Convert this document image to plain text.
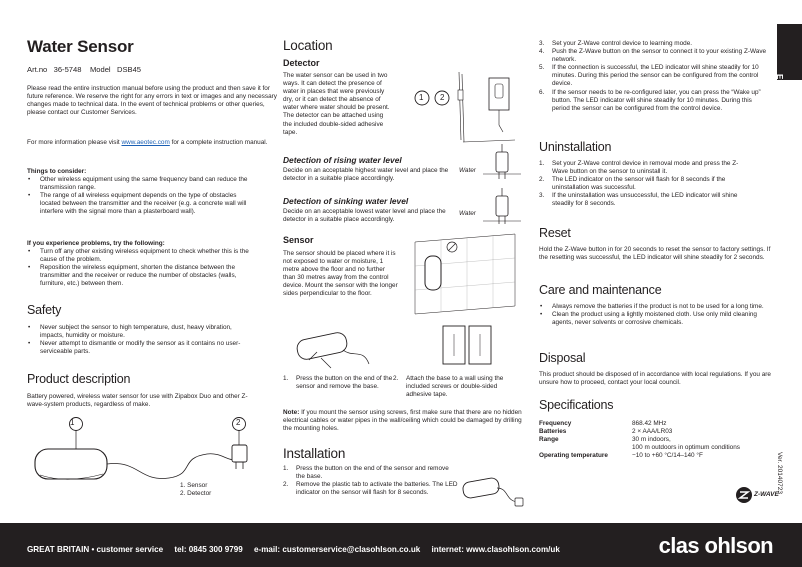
Water Sensor
Art.no 36-5748 Model DSB45
Please read the entire instruction manual before using the product and then save it for future reference. We reserve the right for any errors in text or images and any necessary changes made to technical data. In the event of technical problems or other queries, please contact our Customer Services.
For more information please visit www.aeotec.com for a complete instruction manual.
Things to consider:
• Other wireless equipment using the same frequency band can reduce the transmission range.
• The range of all wireless equipment depends on the type of obstacles located between the transmitter and the receiver (e.g. a concrete wall will interfere with the signal more than a plasterboard wall).
If you experience problems, try the following:
• Turn off any other existing wireless equipment to check whether this is the cause of the problem.
• Reposition the wireless equipment, shorten the distance between the transmitter and the receiver or reduce the number of obstacles (walls, furniture, etc.) between them.
Safety
• Never subject the sensor to high temperature, dust, heavy vibration, impacts, humidity or moisture.
• Never attempt to dismantle or modify the sensor as it contains no user-serviceable parts.
Product description
Battery powered, wireless water sensor for use with Zipabox Duo and other Z-wave-system products, regardless of make.
1	2
1. Sensor
2. Detector
Location
Detector
The water sensor can be used in two ways. It can detect the presence of water in places that were previously dry, or it can detect the absence of water where water should be present. The detector can be attached using the included double-sided adhesive tape.
1 2
Detection of rising water level
Decide on an acceptable highest water level and place the detector in a suitable place accordingly.
Water
Detection of sinking water level
Decide on an acceptable lowest water level and place the detector in a suitable place accordingly.
Water
Sensor
The sensor should be placed where it is not exposed to water or moisture, 1 metre above the floor and no further than 30 metres away from the control device. Mount the sensor with the longer sides perpendicular to the floor.
1. Press the button on the end of the sensor and remove the base.
2. Attach the base to a wall using the included screws or double-sided adhesive tape.
Note: If you mount the sensor using screws, first make sure that there are no hidden electrical cables or water pipes in the wall/ceiling which could be damaged by drilling the mounting holes.
Installation
1. Press the button on the end of the sensor and remove the base.
2. Remove the plastic tab to activate the batteries. The LED indicator on the sensor will flash for 8 seconds.
3. Set your Z-Wave control device to learning mode.
4. Push the Z-Wave button on the sensor to connect it to your existing Z-Wave network.
5. If the connection is successful, the LED indicator will shine steadily for 10 minutes. During this period the sensor can be configured from the control device.
6. If the sensor needs to be re-configured later, you can press the “Wake up” button. The LED indicator will shine steadily for 10 minutes. During this period the sensor can be configured from the control device.
Uninstallation
1. Set your Z-Wave control device in removal mode and press the Z-Wave button on the sensor to uninstall it.
2. The LED indicator on the sensor will flash for 8 seconds if the uninstallation was successful.
3. If the uninstallation was unsuccessful, the LED indicator will shine steadily for 8 seconds.
Reset
Hold the Z-Wave button in for 20 seconds to reset the sensor to factory settings. If the resetting was successful, the LED indicator will shine steadily for 2 seconds.
Care and maintenance
• Always remove the batteries if the product is not to be used for a long time.
• Clean the product using a lightly moistened cloth. Use only mild cleaning agents, never solvents or corrosive chemicals.
Disposal
This product should be disposed of in accordance with local regulations. If you are unsure how to proceed, contact your local council.
Specifications
Frequency	868.42 MHz
Batteries	2 × AAA/LR03
Range	30 m indoors,
100 m outdoors in optimum conditions
Operating temperature	−10 to +60 °C/14–140 °F
Z-WAVE
Ver. 20140723
English
GREAT BRITAIN • customer service tel: 0845 300 9799 e-mail: customerservice@clasohlson.co.uk internet: www.clasohlson.com/uk	clas ohlson
